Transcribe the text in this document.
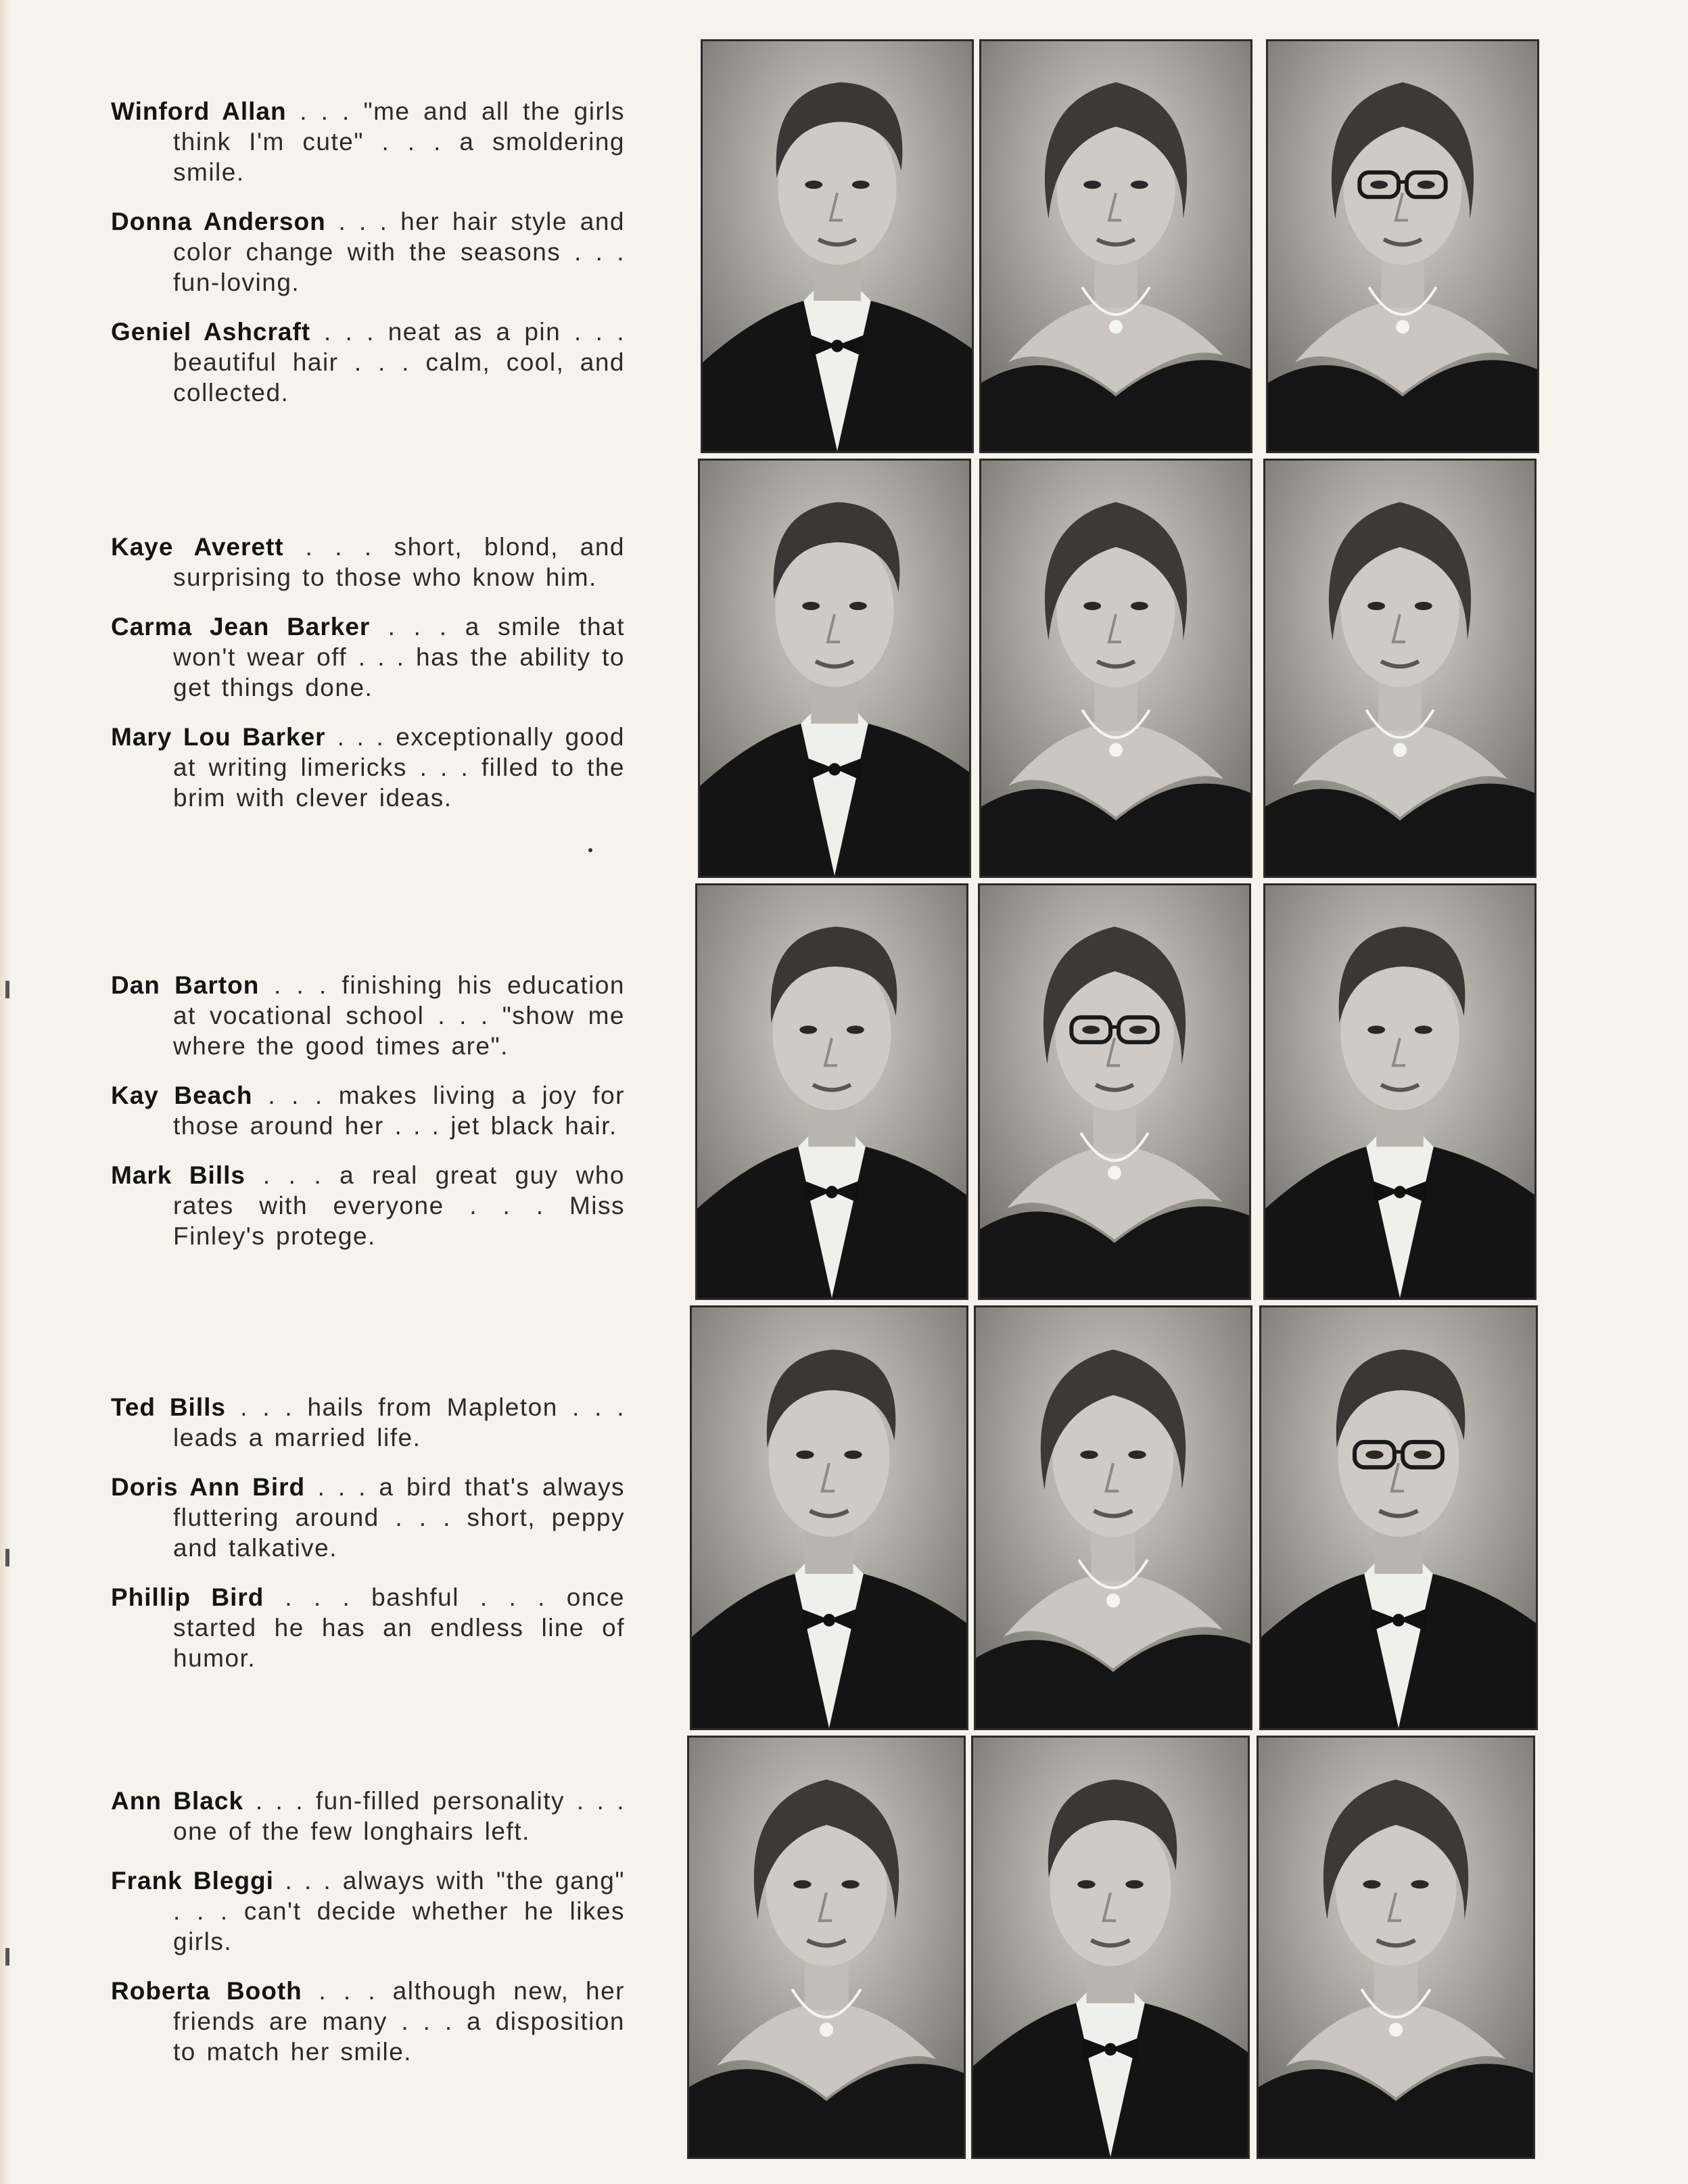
Winford Allan . . . "me and all the girls think I'm cute" . . . a smoldering smile.

Donna Anderson . . . her hair style and color change with the seasons . . . fun-loving.

Geniel Ashcraft . . . neat as a pin . . . beautiful hair . . . calm, cool, and collected.

Kaye Averett . . . short, blond, and surprising to those who know him.

Carma Jean Barker . . . a smile that won't wear off . . . has the ability to get things done.

Mary Lou Barker . . . exceptionally good at writing limericks . . . filled to the brim with clever ideas.

Dan Barton . . . finishing his education at vocational school . . . "show me where the good times are".

Kay Beach . . . makes living a joy for those around her . . . jet black hair.

Mark Bills . . . a real great guy who rates with everyone . . . Miss Finley's protege.

Ted Bills . . . hails from Mapleton . . . leads a married life.

Doris Ann Bird . . . a bird that's always fluttering around . . . short, peppy and talkative.

Phillip Bird . . . bashful . . . once started he has an endless line of humor.

Ann Black . . . fun-filled personality . . . one of the few longhairs left.

Frank Bleggi . . . always with "the gang" . . . can't decide whether he likes girls.

Roberta Booth . . . although new, her friends are many . . . a disposition to match her smile.
